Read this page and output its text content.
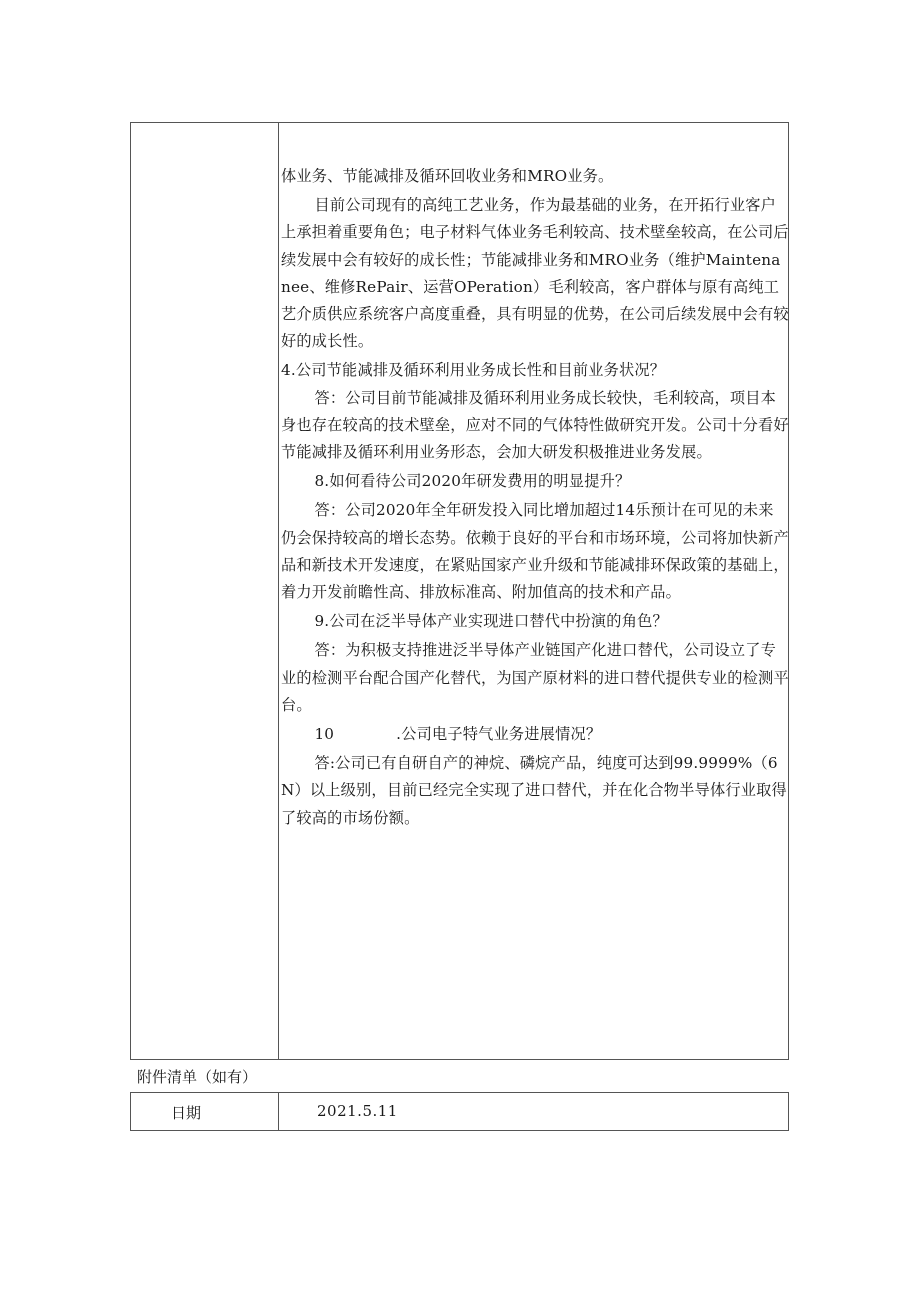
体业务、节能减排及循环回收业务和MRO业务。

目前公司现有的高纯工艺业务，作为最基础的业务，在开拓行业客户上承担着重要角色；电子材料气体业务毛利较高、技术壁垒较高，在公司后续发展中会有较好的成长性；节能减排业务和MRO业务（维护Maintenanee、维修RePair、运营OPeration）毛利较高，客户群体与原有高纯工艺介质供应系统客户高度重叠，具有明显的优势，在公司后续发展中会有较好的成长性。

4.公司节能减排及循环利用业务成长性和目前业务状况？

答：公司目前节能减排及循环利用业务成长较快，毛利较高，项目本身也存在较高的技术壁垒，应对不同的气体特性做研究开发。公司十分看好节能减排及循环利用业务形态，会加大研发积极推进业务发展。

8.如何看待公司2020年研发费用的明显提升？

答：公司2020年全年研发投入同比增加超过14乐预计在可见的未来仍会保持较高的增长态势。依赖于良好的平台和市场环境，公司将加快新产品和新技术开发速度，在紧贴国家产业升级和节能减排环保政策的基础上，着力开发前瞻性高、排放标准高、附加值高的技术和产品。

9.公司在泛半导体产业实现进口替代中扮演的角色？

答：为积极支持推进泛半导体产业链国产化进口替代，公司设立了专业的检测平台配合国产化替代，为国产原材料的进口替代提供专业的检测平台。

10	.公司电子特气业务进展情况？

答:公司已有自研自产的神烷、磷烷产品，纯度可达到99.9999%（6N）以上级别，目前已经完全实现了进口替代，并在化合物半导体行业取得了较高的市场份额。

附件清单（如有）
日期	2021.5.11
